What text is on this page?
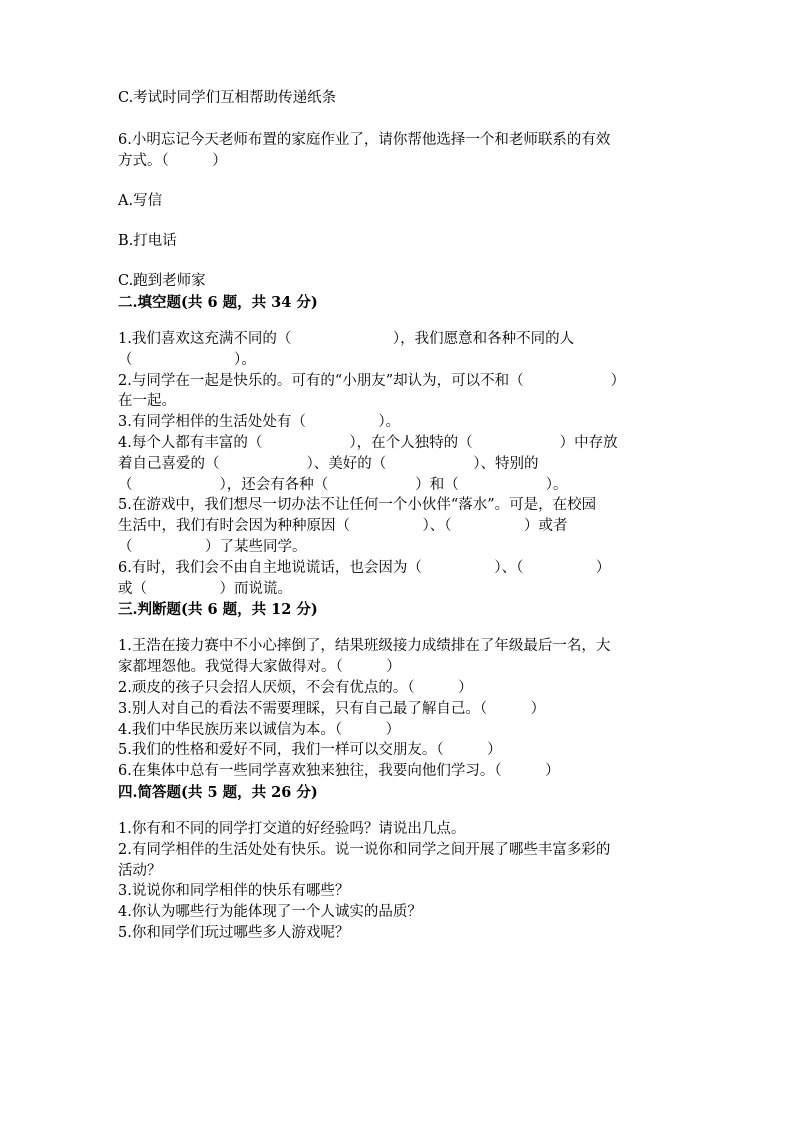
C.考试时同学们互相帮助传递纸条

6.小明忘记今天老师布置的家庭作业了，请你帮他选择一个和老师联系的有效

方式。（　　　）

A.写信

B.打电话

C.跑到老师家

二.填空题(共 6 题，共 34 分)

1.我们喜欢这充满不同的（　　　　　　　），我们愿意和各种不同的人

（　　　　　　　）。

2.与同学在一起是快乐的。可有的“小朋友”却认为，可以不和（　　　　　　）

在一起。

3.有同学相伴的生活处处有（　　　　　）。

4.每个人都有丰富的（　　　　　　），在个人独特的（　　　　　　）中存放

着自己喜爱的（　　　　　　）、美好的（　　　　　　）、特别的

（　　　　　　），还会有各种（　　　　　　）和（　　　　　　）。

5.在游戏中，我们想尽一切办法不让任何一个小伙伴“落水”。可是，在校园

生活中，我们有时会因为种种原因（　　　　　）、（　　　　　）或者

（　　　　　）了某些同学。

6.有时，我们会不由自主地说谎话，也会因为（　　　　　）、（　　　　　）

或（　　　　　）而说谎。

三.判断题(共 6 题，共 12 分)

1.王浩在接力赛中不小心摔倒了，结果班级接力成绩排在了年级最后一名，大

家都埋怨他。我觉得大家做得对。（　　　）

2.顽皮的孩子只会招人厌烦，不会有优点的。（　　　）

3.别人对自己的看法不需要理睬，只有自己最了解自己。（　　　）

4.我们中华民族历来以诚信为本。（　　　）

5.我们的性格和爱好不同，我们一样可以交朋友。（　　　）

6.在集体中总有一些同学喜欢独来独往，我要向他们学习。（　　　）

四.简答题(共 5 题，共 26 分)

1.你有和不同的同学打交道的好经验吗？请说出几点。

2.有同学相伴的生活处处有快乐。说一说你和同学之间开展了哪些丰富多彩的

活动？

3.说说你和同学相伴的快乐有哪些？

4.你认为哪些行为能体现了一个人诚实的品质？

5.你和同学们玩过哪些多人游戏呢？
